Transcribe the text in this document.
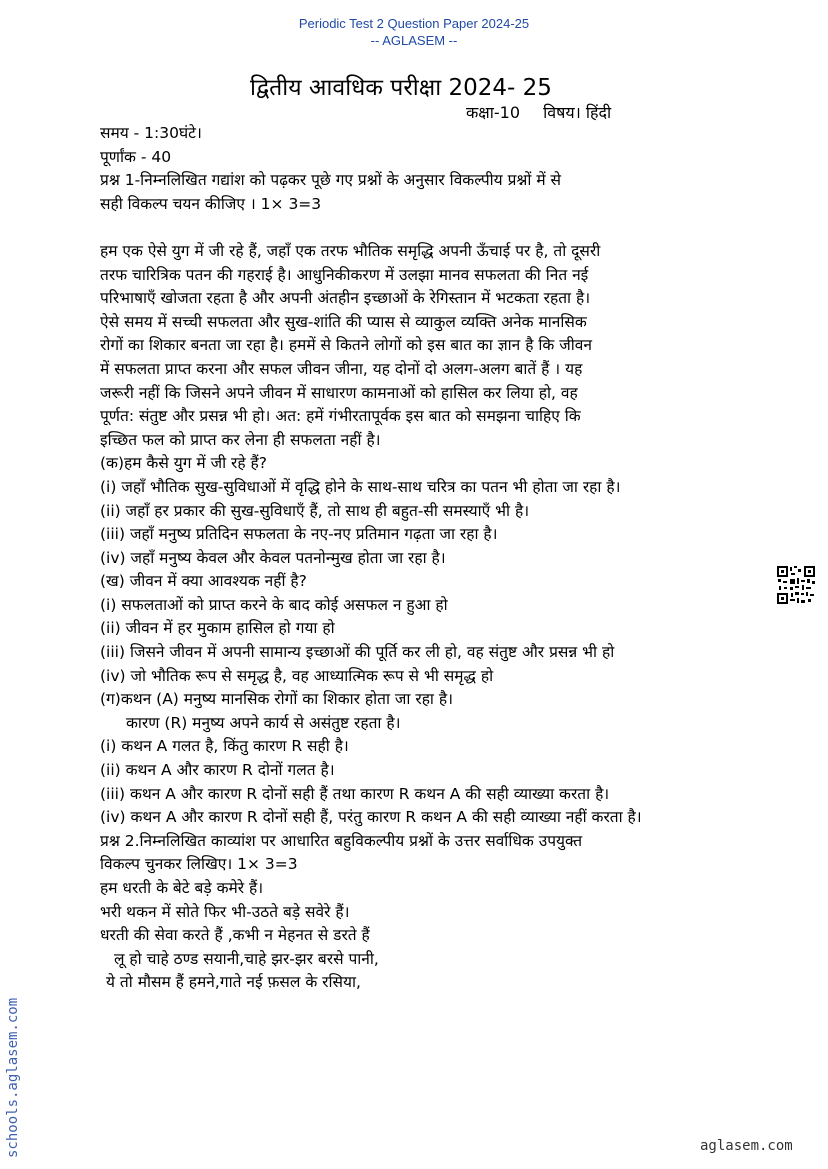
Periodic Test 2 Question Paper 2024-25
-- AGLASEM --
द्वितीय आवधिक परीक्षा 2024- 25
कक्षा-10 विषय। हिंदी
समय - 1:30घंटे।
पूर्णांक - 40
प्रश्न 1-निम्नलिखित गद्यांश को पढ़कर पूछे गए प्रश्नों के अनुसार विकल्पीय प्रश्नों में से
सही विकल्प चयन कीजिए । 1× 3=3
हम एक ऐसे युग में जी रहे हैं, जहाँ एक तरफ भौतिक समृद्धि अपनी ऊँचाई पर है, तो दूसरी
तरफ चारित्रिक पतन की गहराई है। आधुनिकीकरण में उलझा मानव सफलता की नित नई
परिभाषाएँ खोजता रहता है और अपनी अंतहीन इच्छाओं के रेगिस्तान में भटकता रहता है।
ऐसे समय में सच्ची सफलता और सुख-शांति की प्यास से व्याकुल व्यक्ति अनेक मानसिक
रोगों का शिकार बनता जा रहा है। हममें से कितने लोगों को इस बात का ज्ञान है कि जीवन
में सफलता प्राप्त करना और सफल जीवन जीना, यह दोनों दो अलग-अलग बातें हैं । यह
जरूरी नहीं कि जिसने अपने जीवन में साधारण कामनाओं को हासिल कर लिया हो, वह
पूर्णत: संतुष्ट और प्रसन्न भी हो। अत: हमें गंभीरतापूर्वक इस बात को समझना चाहिए कि
इच्छित फल को प्राप्त कर लेना ही सफलता नहीं है।
(क)हम कैसे युग में जी रहे हैं?
(i) जहाँ भौतिक सुख-सुविधाओं में वृद्धि होने के साथ-साथ चरित्र का पतन भी होता जा रहा है।
(ii) जहाँ हर प्रकार की सुख-सुविधाएँ हैं, तो साथ ही बहुत-सी समस्याएँ भी है।
(iii) जहाँ मनुष्य प्रतिदिन सफलता के नए-नए प्रतिमान गढ़ता जा रहा है।
(iv) जहाँ मनुष्य केवल और केवल पतनोन्मुख होता जा रहा है।
(ख) जीवन में क्या आवश्यक नहीं है?
(i) सफलताओं को प्राप्त करने के बाद कोई असफल न हुआ हो
(ii) जीवन में हर मुकाम हासिल हो गया हो
(iii) जिसने जीवन में अपनी सामान्य इच्छाओं की पूर्ति कर ली हो, वह संतुष्ट और प्रसन्न भी हो
(iv) जो भौतिक रूप से समृद्ध है, वह आध्यात्मिक रूप से भी समृद्ध हो
(ग)कथन (A) मनुष्य मानसिक रोगों का शिकार होता जा रहा है।
कारण (R) मनुष्य अपने कार्य से असंतुष्ट रहता है।
(i) कथन A गलत है, किंतु कारण R सही है।
(ii) कथन A और कारण R दोनों गलत है।
(iii) कथन A और कारण R दोनों सही हैं तथा कारण R कथन A की सही व्याख्या करता है।
(iv) कथन A और कारण R दोनों सही हैं, परंतु कारण R कथन A की सही व्याख्या नहीं करता है।
प्रश्न 2.निम्नलिखित काव्यांश पर आधारित बहुविकल्पीय प्रश्नों के उत्तर सर्वाधिक उपयुक्त
विकल्प चुनकर लिखिए। 1× 3=3
हम धरती के बेटे बड़े कमेरे हैं।
भरी थकन में सोते फिर भी-उठते बड़े सवेरे हैं।
धरती की सेवा करते हैं ,कभी न मेहनत से डरते हैं
लू हो चाहे ठण्ड सयानी,चाहे झर-झर बरसे पानी,
ये तो मौसम हैं हमने,गाते नई फ़सल के रसिया,
schools.aglasem.com	aglasem.com
